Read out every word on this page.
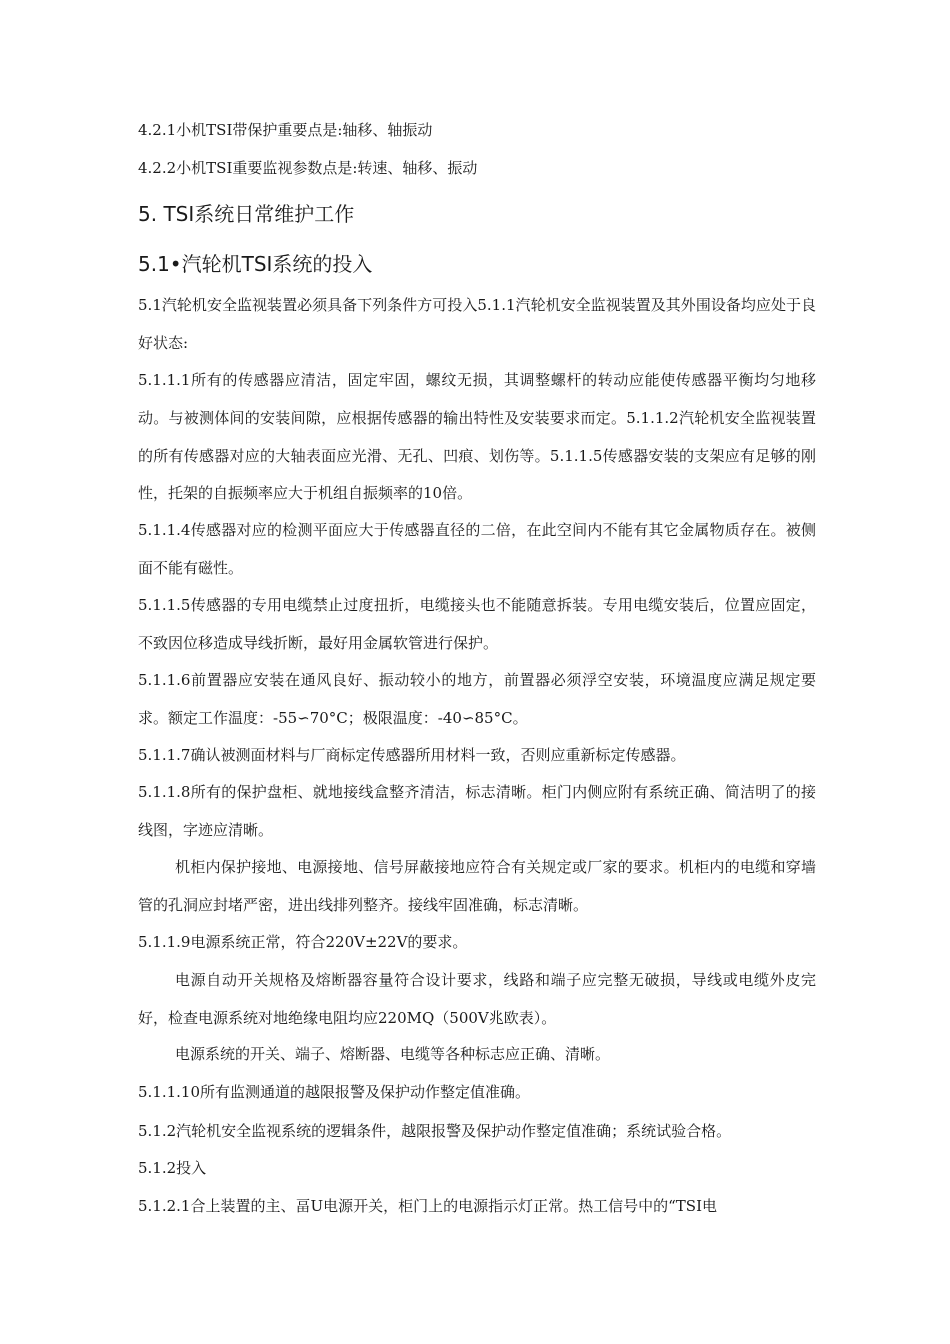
4.2.1小机TSI带保护重要点是:轴移、轴振动
4.2.2小机TSI重要监视参数点是:转速、轴移、振动
5. TSI系统日常维护工作
5.1•汽轮机TSI系统的投入
5.1汽轮机安全监视装置必须具备下列条件方可投入5.1.1汽轮机安全监视装置及其外围设备均应处于良好状态:
5.1.1.1所有的传感器应清洁，固定牢固，螺纹无损，其调整螺杆的转动应能使传感器平衡均匀地移动。与被测体间的安装间隙，应根据传感器的输出特性及安装要求而定。5.1.1.2汽轮机安全监视装置的所有传感器对应的大轴表面应光滑、无孔、凹痕、划伤等。5.1.1.5传感器安装的支架应有足够的刚性，托架的自振频率应大于机组自振频率的10倍。
5.1.1.4传感器对应的检测平面应大于传感器直径的二倍，在此空间内不能有其它金属物质存在。被侧面不能有磁性。
5.1.1.5传感器的专用电缆禁止过度扭折，电缆接头也不能随意拆装。专用电缆安装后，位置应固定，不致因位移造成导线折断，最好用金属软管进行保护。
5.1.1.6前置器应安装在通风良好、振动较小的地方，前置器必须浮空安装，环境温度应满足规定要求。额定工作温度：-55∽70°C；极限温度：-40∽85°C。
5.1.1.7确认被测面材料与厂商标定传感器所用材料一致，否则应重新标定传感器。
5.1.1.8所有的保护盘柜、就地接线盒整齐清洁，标志清晰。柜门内侧应附有系统正确、简洁明了的接线图，字迹应清晰。
机柜内保护接地、电源接地、信号屏蔽接地应符合有关规定或厂家的要求。机柜内的电缆和穿墙管的孔洞应封堵严密，进出线排列整齐。接线牢固准确，标志清晰。
5.1.1.9电源系统正常，符合220V±22V的要求。
电源自动开关规格及熔断器容量符合设计要求，线路和端子应完整无破损，导线或电缆外皮完好，检查电源系统对地绝缘电阻均应220MQ（500V兆欧表）。
电源系统的开关、端子、熔断器、电缆等各种标志应正确、清晰。
5.1.1.10所有监测通道的越限报警及保护动作整定值准确。
5.1.2汽轮机安全监视系统的逻辑条件，越限报警及保护动作整定值准确；系统试验合格。
5.1.2投入
5.1.2.1合上装置的主、畐U电源开关，柜门上的电源指示灯正常。热工信号中的“TSI电
